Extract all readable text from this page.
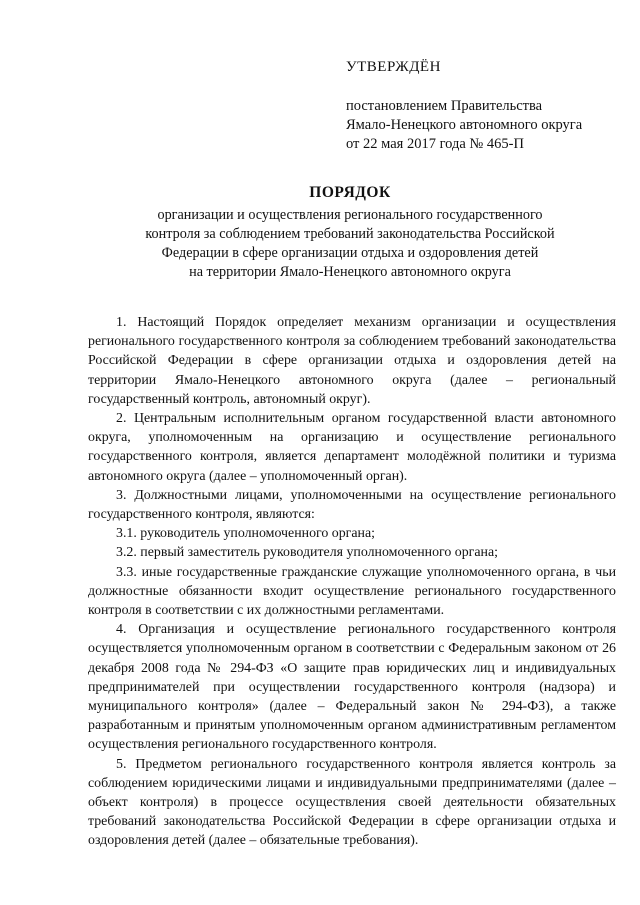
УТВЕРЖДЁН
постановлением Правительства
Ямало-Ненецкого автономного округа
от 22 мая 2017 года № 465-П
ПОРЯДОК
организации и осуществления регионального государственного
контроля за соблюдением требований законодательства Российской
Федерации в сфере организации отдыха и оздоровления детей
на территории Ямало-Ненецкого автономного округа

1. Настоящий Порядок определяет механизм организации и осуществления регионального государственного контроля за соблюдением требований законодательства Российской Федерации в сфере организации отдыха и оздоровления детей на территории Ямало-Ненецкого автономного округа (далее – региональный государственный контроль, автономный округ).

2. Центральным исполнительным органом государственной власти автономного округа, уполномоченным на организацию и осуществление регионального государственного контроля, является департамент молодёжной политики и туризма автономного округа (далее – уполномоченный орган).

3. Должностными лицами, уполномоченными на осуществление регионального государственного контроля, являются:

3.1. руководитель уполномоченного органа;

3.2. первый заместитель руководителя уполномоченного органа;

3.3. иные государственные гражданские служащие уполномоченного органа, в чьи должностные обязанности входит осуществление регионального государственного контроля в соответствии с их должностными регламентами.

4. Организация и осуществление регионального государственного контроля осуществляется уполномоченным органом в соответствии с Федеральным законом от 26 декабря 2008 года № 294-ФЗ «О защите прав юридических лиц и индивидуальных предпринимателей при осуществлении государственного контроля (надзора) и муниципального контроля» (далее – Федеральный закон № 294-ФЗ), а также разработанным и принятым уполномоченным органом административным регламентом осуществления регионального государственного контроля.

5. Предметом регионального государственного контроля является контроль за соблюдением юридическими лицами и индивидуальными предпринимателями (далее – объект контроля) в процессе осуществления своей деятельности обязательных требований законодательства Российской Федерации в сфере организации отдыха и оздоровления детей (далее – обязательные требования).
